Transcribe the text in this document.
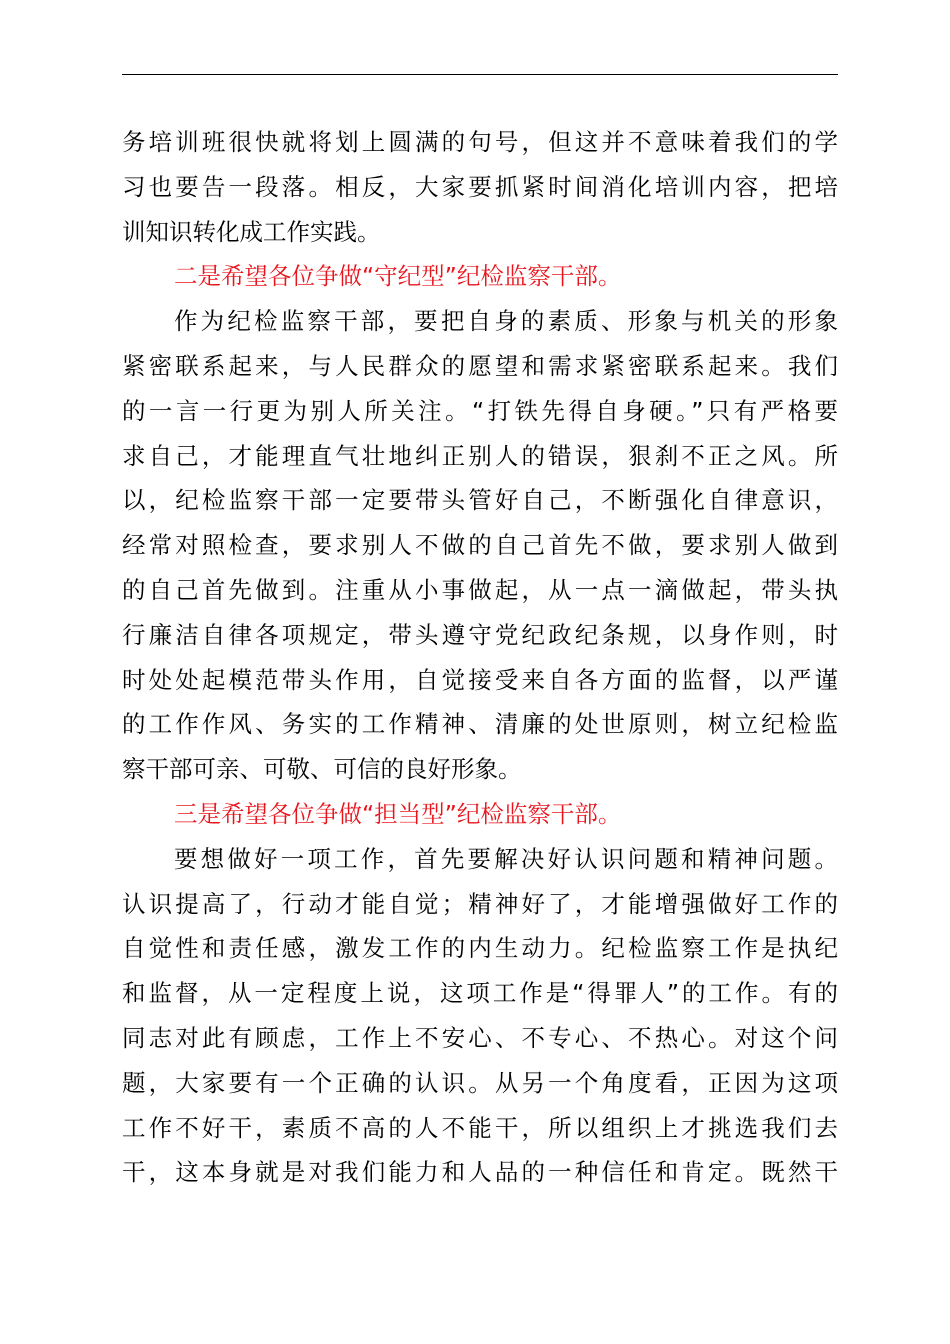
务培训班很快就将划上圆满的句号，但这并不意味着我们的学
习也要告一段落。相反，大家要抓紧时间消化培训内容，把培
训知识转化成工作实践。
二是希望各位争做“守纪型”纪检监察干部。
作为纪检监察干部，要把自身的素质、形象与机关的形象
紧密联系起来，与人民群众的愿望和需求紧密联系起来。我们
的一言一行更为别人所关注。“打铁先得自身硬。”只有严格要
求自己，才能理直气壮地纠正别人的错误，狠刹不正之风。所
以，纪检监察干部一定要带头管好自己，不断强化自律意识，
经常对照检查，要求别人不做的自己首先不做，要求别人做到
的自己首先做到。注重从小事做起，从一点一滴做起，带头执
行廉洁自律各项规定，带头遵守党纪政纪条规，以身作则，时
时处处起模范带头作用，自觉接受来自各方面的监督，以严谨
的工作作风、务实的工作精神、清廉的处世原则，树立纪检监
察干部可亲、可敬、可信的良好形象。
三是希望各位争做“担当型”纪检监察干部。
要想做好一项工作，首先要解决好认识问题和精神问题。
认识提高了，行动才能自觉；精神好了，才能增强做好工作的
自觉性和责任感，激发工作的内生动力。纪检监察工作是执纪
和监督，从一定程度上说，这项工作是“得罪人”的工作。有的
同志对此有顾虑，工作上不安心、不专心、不热心。对这个问
题，大家要有一个正确的认识。从另一个角度看，正因为这项
工作不好干，素质不高的人不能干，所以组织上才挑选我们去
干，这本身就是对我们能力和人品的一种信任和肯定。既然干
